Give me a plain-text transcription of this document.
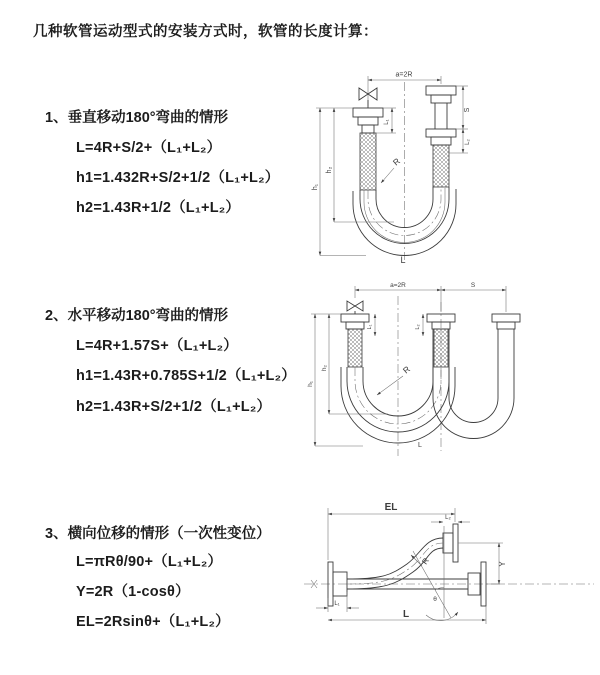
几种软管运动型式的安装方式时，软管的长度计算：
1、垂直移动180°弯曲的情形
L=4R+S/2+（L₁+L₂）
h1=1.432R+S/2+1/2（L₁+L₂）
h2=1.43R+1/2（L₁+L₂）
a=2R
R
L
h₁
h₂
S
L₂
L₁
2、水平移动180°弯曲的情形
L=4R+1.57S+（L₁+L₂）
h1=1.43R+0.785S+1/2（L₁+L₂）
h2=1.43R+S/2+1/2（L₁+L₂）
a=2R	S
h₁
h₂
L₁	L₂
R
L
3、横向位移的情形（一次性变位）
L=πRθ/90+（L₁+L₂）
Y=2R（1-cosθ）
EL=2Rsinθ+（L₁+L₂）
EL
L₂
Y
L₁
L
θ
R
